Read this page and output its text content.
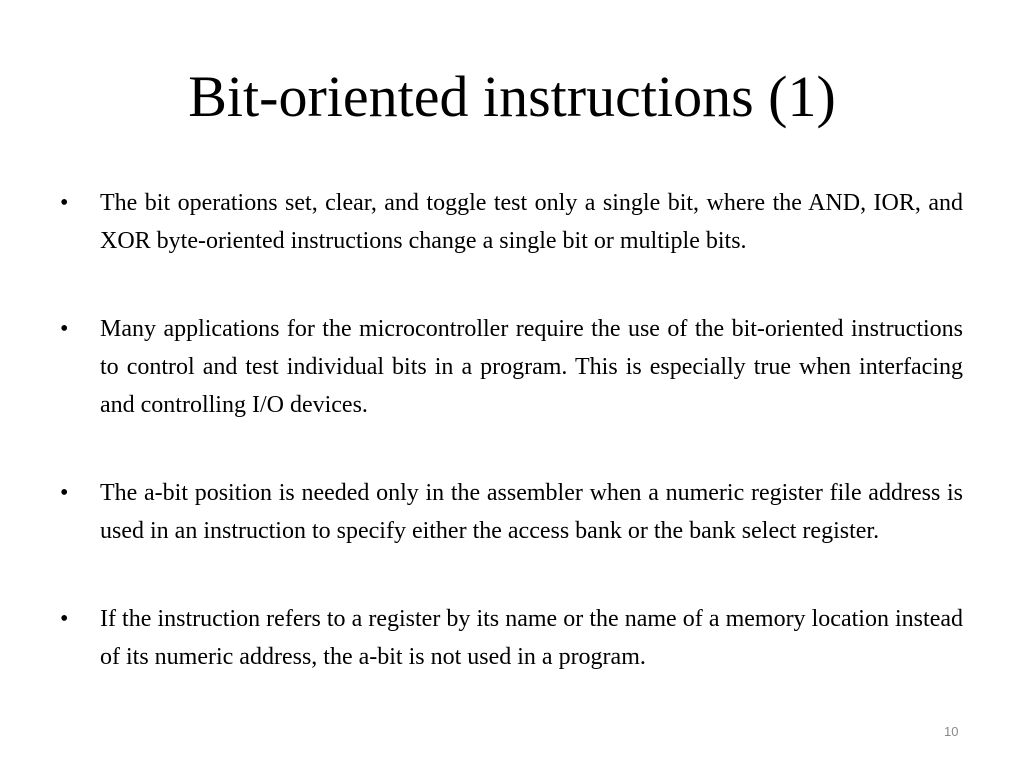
Bit-oriented instructions (1)
•	The bit operations set, clear, and toggle test only a single bit, where the AND, IOR, and XOR byte-oriented instructions change a single bit or multiple bits.
•	Many applications for the microcontroller require the use of the bit-oriented instructions to control and test individual bits in a program. This is especially true when interfacing and controlling I/O devices.
•	The a-bit position is needed only in the assembler when a numeric register file address is used in an instruction to specify either the access bank or the bank select register.
•	If the instruction refers to a register by its name or the name of a memory location instead of its numeric address, the a-bit is not used in a program.
10
